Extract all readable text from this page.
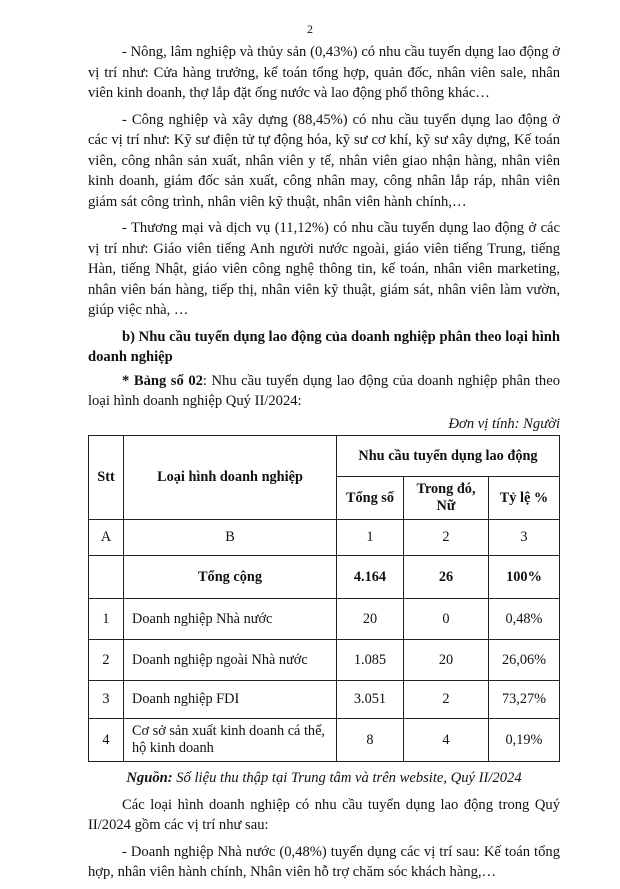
2

- Nông, lâm nghiệp và thủy sản (0,43%) có nhu cầu tuyển dụng lao động ở vị trí như: Cửa hàng trưởng, kế toán tổng hợp, quản đốc, nhân viên sale, nhân viên kinh doanh, thợ lắp đặt ống nước và lao động phổ thông khác…

- Công nghiệp và xây dựng (88,45%) có nhu cầu tuyển dụng lao động ở các vị trí như: Kỹ sư điện tử tự động hóa, kỹ sư cơ khí, kỹ sư xây dựng, Kế toán viên, công nhân sản xuất, nhân viên y tế, nhân viên giao nhận hàng, nhân viên kinh doanh, giám đốc sản xuất, công nhân may, công nhân lắp ráp, nhân viên giám sát công trình, nhân viên kỹ thuật, nhân viên hành chính,…

- Thương mại và dịch vụ (11,12%) có nhu cầu tuyển dụng lao động ở các vị trí như: Giáo viên tiếng Anh người nước ngoài, giáo viên tiếng Trung, tiếng Hàn, tiếng Nhật, giáo viên công nghệ thông tin, kế toán, nhân viên marketing, nhân viên bán hàng, tiếp thị, nhân viên kỹ thuật, giám sát, nhân viên làm vườn, giúp việc nhà, …

b) Nhu cầu tuyển dụng lao động của doanh nghiệp phân theo loại hình doanh nghiệp

* Bảng số 02: Nhu cầu tuyển dụng lao động của doanh nghiệp phân theo loại hình doanh nghiệp Quý II/2024:

Đơn vị tính: Người

Stt	Loại hình doanh nghiệp	Nhu cầu tuyển dụng lao động		
		Tổng số	Trong đó, Nữ	Tỷ lệ %
A	B	1	2	3
	Tổng cộng	4.164	26	100%
1	Doanh nghiệp Nhà nước	20	0	0,48%
2	Doanh nghiệp ngoài Nhà nước	1.085	20	26,06%
3	Doanh nghiệp FDI	3.051	2	73,27%
4	Cơ sở sản xuất kinh doanh cá thể, hộ kinh doanh	8	4	0,19%

Nguồn: Số liệu thu thập tại Trung tâm và trên website, Quý II/2024

Các loại hình doanh nghiệp có nhu cầu tuyển dụng lao động trong Quý II/2024 gồm các vị trí như sau:

- Doanh nghiệp Nhà nước (0,48%) tuyển dụng các vị trí sau: Kế toán tổng hợp, nhân viên hành chính, Nhân viên hỗ trợ chăm sóc khách hàng,…
